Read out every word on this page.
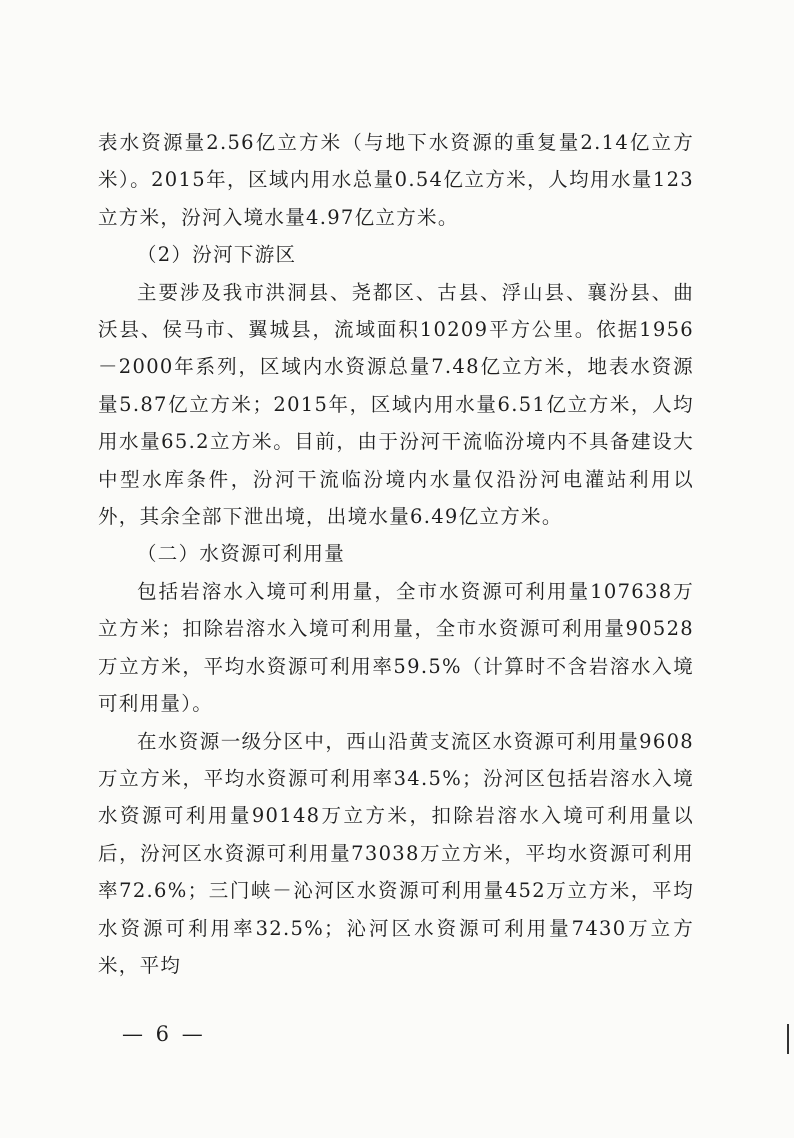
表水资源量2.56亿立方米（与地下水资源的重复量2.14亿立方米）。2015年，区域内用水总量0.54亿立方米，人均用水量123立方米，汾河入境水量4.97亿立方米。

（2）汾河下游区

主要涉及我市洪洞县、尧都区、古县、浮山县、襄汾县、曲沃县、侯马市、翼城县，流域面积10209平方公里。依据1956－2000年系列，区域内水资源总量7.48亿立方米，地表水资源量5.87亿立方米；2015年，区域内用水量6.51亿立方米，人均用水量65.2立方米。目前，由于汾河干流临汾境内不具备建设大中型水库条件，汾河干流临汾境内水量仅沿汾河电灌站利用以外，其余全部下泄出境，出境水量6.49亿立方米。

（二）水资源可利用量

包括岩溶水入境可利用量，全市水资源可利用量107638万立方米；扣除岩溶水入境可利用量，全市水资源可利用量90528万立方米，平均水资源可利用率59.5%（计算时不含岩溶水入境可利用量）。

在水资源一级分区中，西山沿黄支流区水资源可利用量9608万立方米，平均水资源可利用率34.5%；汾河区包括岩溶水入境水资源可利用量90148万立方米，扣除岩溶水入境可利用量以后，汾河区水资源可利用量73038万立方米，平均水资源可利用率72.6%；三门峡－沁河区水资源可利用量452万立方米，平均水资源可利用率32.5%；沁河区水资源可利用量7430万立方米，平均

— 6 —
